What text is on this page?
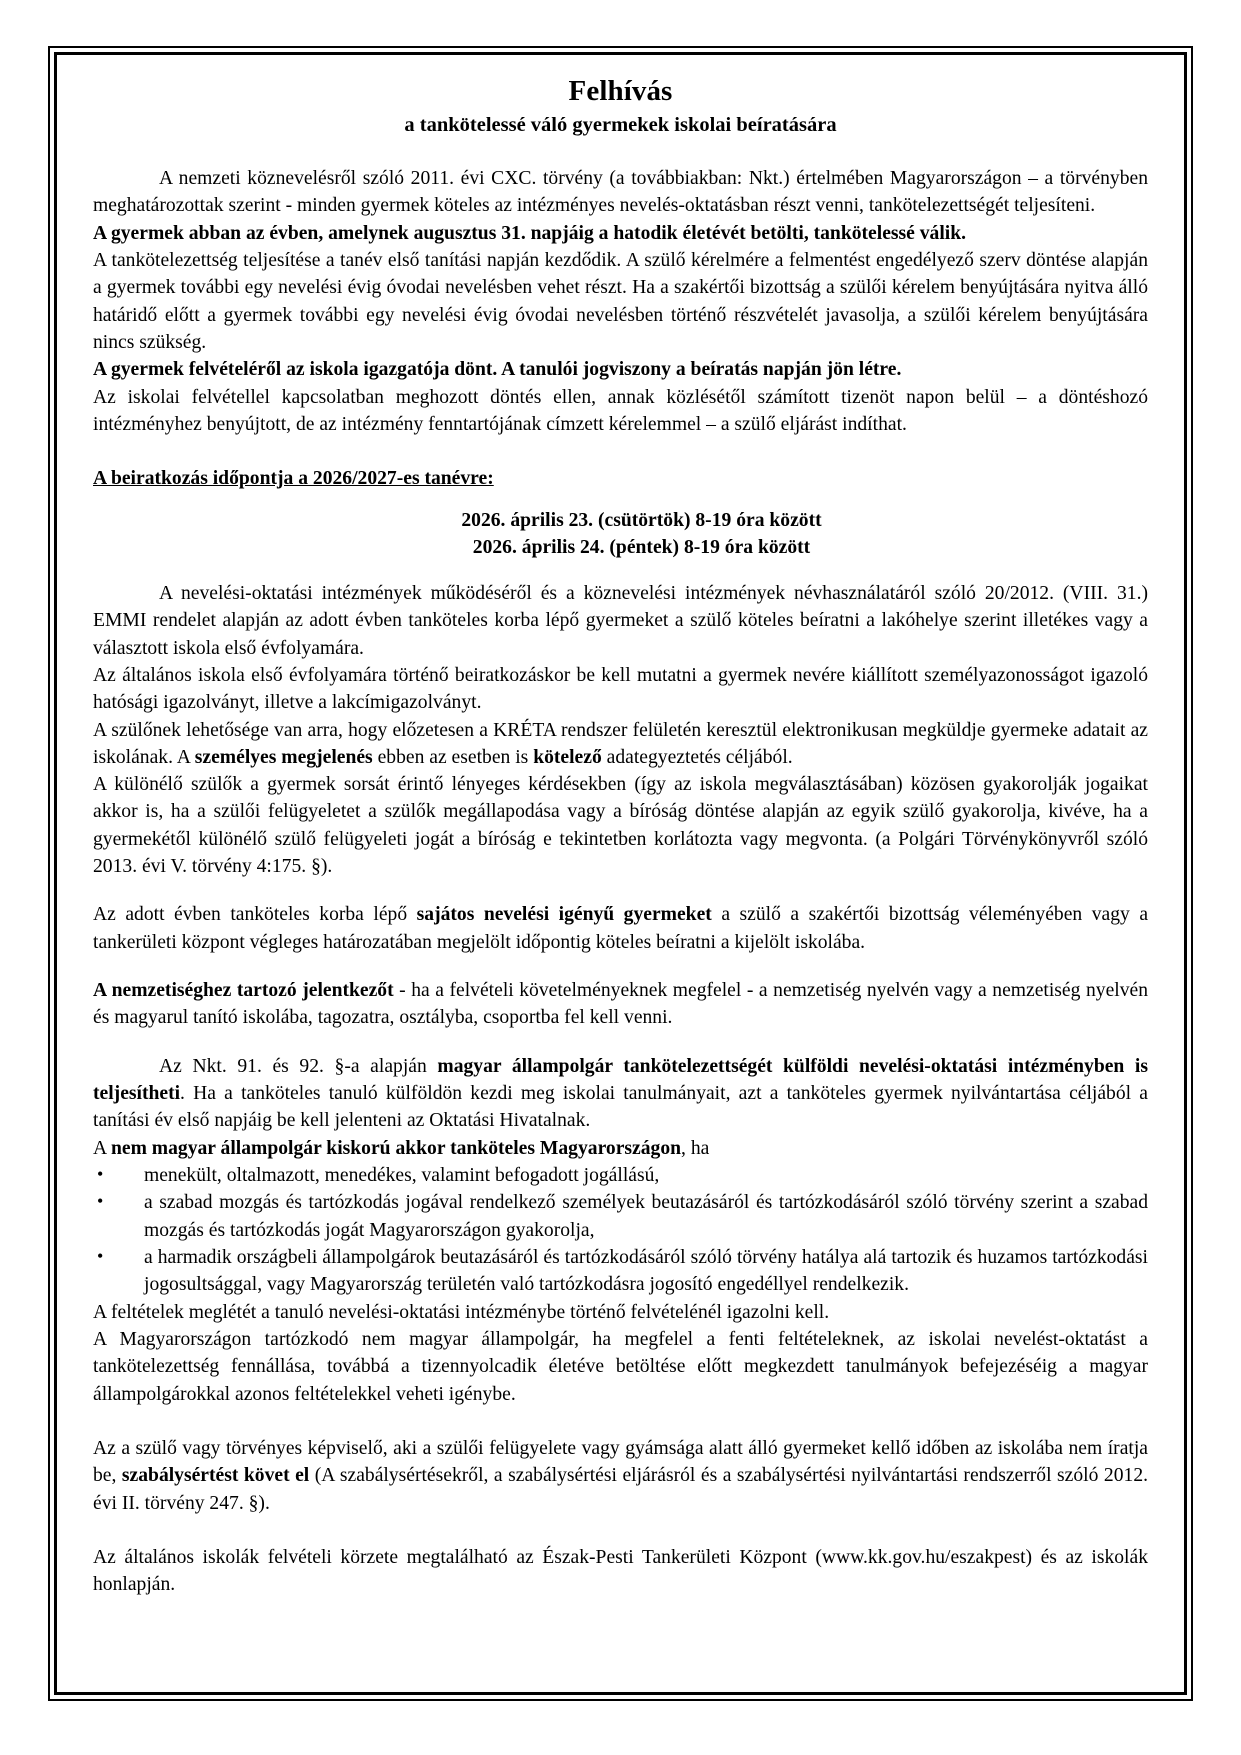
Felhívás
a tankötelessé váló gyermekek iskolai beíratására

A nemzeti köznevelésről szóló 2011. évi CXC. törvény (a továbbiakban: Nkt.) értelmében Magyarországon – a törvényben meghatározottak szerint - minden gyermek köteles az intézményes nevelés-oktatásban részt venni, tankötelezettségét teljesíteni.

A gyermek abban az évben, amelynek augusztus 31. napjáig a hatodik életévét betölti, tankötelessé válik.

A tankötelezettség teljesítése a tanév első tanítási napján kezdődik. A szülő kérelmére a felmentést engedélyező szerv döntése alapján a gyermek további egy nevelési évig óvodai nevelésben vehet részt. Ha a szakértői bizottság a szülői kérelem benyújtására nyitva álló határidő előtt a gyermek további egy nevelési évig óvodai nevelésben történő részvételét javasolja, a szülői kérelem benyújtására nincs szükség.

A gyermek felvételéről az iskola igazgatója dönt. A tanulói jogviszony a beíratás napján jön létre.

Az iskolai felvétellel kapcsolatban meghozott döntés ellen, annak közlésétől számított tizenöt napon belül – a döntéshozó intézményhez benyújtott, de az intézmény fenntartójának címzett kérelemmel – a szülő eljárást indíthat.

A beiratkozás időpontja a 2026/2027-es tanévre:

2026. április 23. (csütörtök) 8-19 óra között

2026. április 24. (péntek) 8-19 óra között

A nevelési-oktatási intézmények működéséről és a köznevelési intézmények névhasználatáról szóló 20/2012. (VIII. 31.) EMMI rendelet alapján az adott évben tanköteles korba lépő gyermeket a szülő köteles beíratni a lakóhelye szerint illetékes vagy a választott iskola első évfolyamára.

Az általános iskola első évfolyamára történő beiratkozáskor be kell mutatni a gyermek nevére kiállított személyazonosságot igazoló hatósági igazolványt, illetve a lakcímigazolványt.

A szülőnek lehetősége van arra, hogy előzetesen a KRÉTA rendszer felületén keresztül elektronikusan megküldje gyermeke adatait az iskolának. A személyes megjelenés ebben az esetben is kötelező adategyeztetés céljából.

A különélő szülők a gyermek sorsát érintő lényeges kérdésekben (így az iskola megválasztásában) közösen gyakorolják jogaikat akkor is, ha a szülői felügyeletet a szülők megállapodása vagy a bíróság döntése alapján az egyik szülő gyakorolja, kivéve, ha a gyermekétől különélő szülő felügyeleti jogát a bíróság e tekintetben korlátozta vagy megvonta. (a Polgári Törvénykönyvről szóló 2013. évi V. törvény 4:175. §).

Az adott évben tanköteles korba lépő sajátos nevelési igényű gyermeket a szülő a szakértői bizottság véleményében vagy a tankerületi központ végleges határozatában megjelölt időpontig köteles beíratni a kijelölt iskolába.

A nemzetiséghez tartozó jelentkezőt - ha a felvételi követelményeknek megfelel - a nemzetiség nyelvén vagy a nemzetiség nyelvén és magyarul tanító iskolába, tagozatra, osztályba, csoportba fel kell venni.

Az Nkt. 91. és 92. §-a alapján magyar állampolgár tankötelezettségét külföldi nevelési-oktatási intézményben is teljesítheti. Ha a tanköteles tanuló külföldön kezdi meg iskolai tanulmányait, azt a tanköteles gyermek nyilvántartása céljából a tanítási év első napjáig be kell jelenteni az Oktatási Hivatalnak.

A nem magyar állampolgár kiskorú akkor tanköteles Magyarországon, ha

• menekült, oltalmazott, menedékes, valamint befogadott jogállású,
• a szabad mozgás és tartózkodás jogával rendelkező személyek beutazásáról és tartózkodásáról szóló törvény szerint a szabad mozgás és tartózkodás jogát Magyarországon gyakorolja,
• a harmadik országbeli állampolgárok beutazásáról és tartózkodásáról szóló törvény hatálya alá tartozik és huzamos tartózkodási jogosultsággal, vagy Magyarország területén való tartózkodásra jogosító engedéllyel rendelkezik.

A feltételek meglétét a tanuló nevelési-oktatási intézménybe történő felvételénél igazolni kell.

A Magyarországon tartózkodó nem magyar állampolgár, ha megfelel a fenti feltételeknek, az iskolai nevelést-oktatást a tankötelezettség fennállása, továbbá a tizennyolcadik életéve betöltése előtt megkezdett tanulmányok befejezéséig a magyar állampolgárokkal azonos feltételekkel veheti igénybe.

Az a szülő vagy törvényes képviselő, aki a szülői felügyelete vagy gyámsága alatt álló gyermeket kellő időben az iskolába nem íratja be, szabálysértést követ el (A szabálysértésekről, a szabálysértési eljárásról és a szabálysértési nyilvántartási rendszerről szóló 2012. évi II. törvény 247. §).

Az általános iskolák felvételi körzete megtalálható az Észak-Pesti Tankerületi Központ (www.kk.gov.hu/eszakpest) és az iskolák honlapján.
